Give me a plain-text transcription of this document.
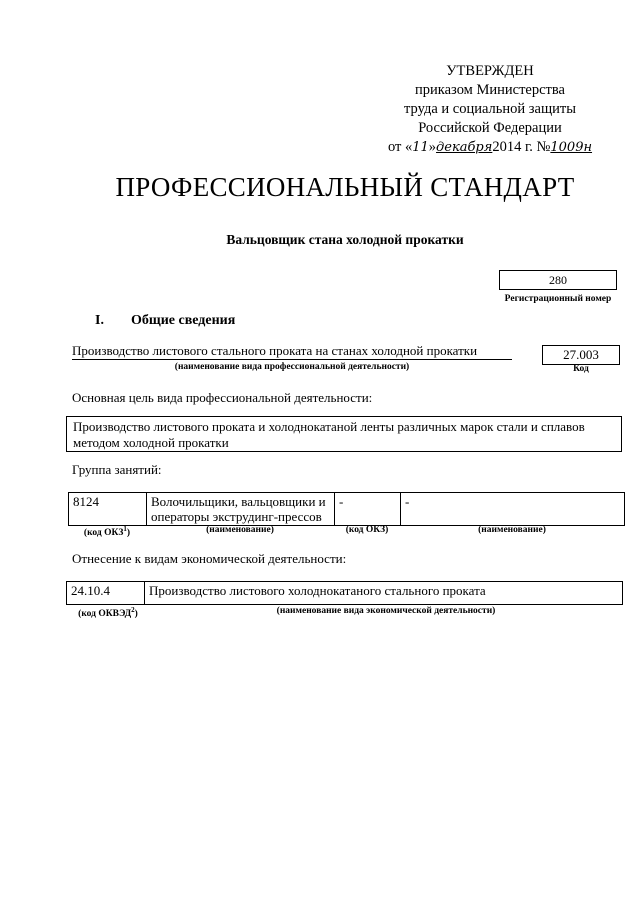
УТВЕРЖДЕН
приказом Министерства
труда и социальной защиты
Российской Федерации
от «11»декабря2014 г. №1009н
ПРОФЕССИОНАЛЬНЫЙ СТАНДАРТ
Вальцовщик стана холодной прокатки
280
Регистрационный номер
I. Общие сведения
Производство листового стального проката на станах холодной прокатки
(наименование вида профессиональной деятельности)
27.003
Код
Основная цель вида профессиональной деятельности:
Производство листового проката и холоднокатаной ленты различных марок стали и сплавов методом холодной прокатки
Группа занятий:
8124	Волочильщики, вальцовщики и операторы экструдинг-прессов	-	-
(код ОКЗ$^1$)	(наименование)	(код ОКЗ)	(наименование)
Отнесение к видам экономической деятельности:
24.10.4	Производство листового холоднокатаного стального проката
(код ОКВЭД$^2$)	(наименование вида экономической деятельности)
